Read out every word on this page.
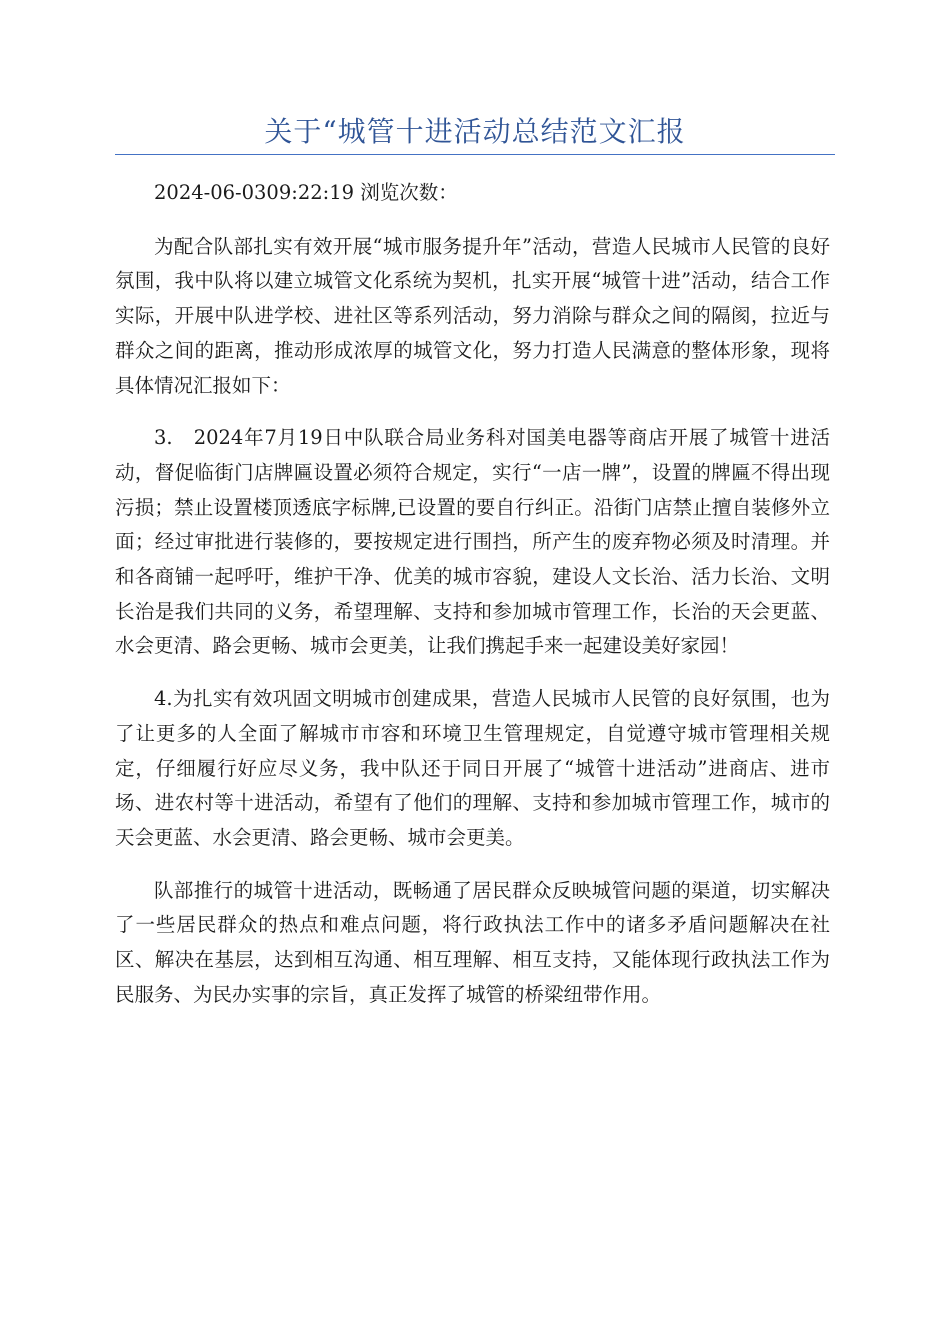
关于“城管十进活动总结范文汇报

2024-06-0309:22:19 浏览次数：

为配合队部扎实有效开展“城市服务提升年”活动，营造人民城市人民管的良好氛围，我中队将以建立城管文化系统为契机，扎实开展“城管十进”活动，结合工作实际，开展中队进学校、进社区等系列活动，努力消除与群众之间的隔阂，拉近与群众之间的距离，推动形成浓厚的城管文化，努力打造人民满意的整体形象，现将具体情况汇报如下：

3.　2024年7月19日中队联合局业务科对国美电器等商店开展了城管十进活动，督促临街门店牌匾设置必须符合规定，实行“一店一牌”，设置的牌匾不得出现污损；禁止设置楼顶透底字标牌,已设置的要自行纠正。沿街门店禁止擅自装修外立面；经过审批进行装修的，要按规定进行围挡，所产生的废弃物必须及时清理。并和各商铺一起呼吁，维护干净、优美的城市容貌，建设人文长治、活力长治、文明长治是我们共同的义务，希望理解、支持和参加城市管理工作，长治的天会更蓝、水会更清、路会更畅、城市会更美，让我们携起手来一起建设美好家园！

4.为扎实有效巩固文明城市创建成果，营造人民城市人民管的良好氛围，也为了让更多的人全面了解城市市容和环境卫生管理规定，自觉遵守城市管理相关规定，仔细履行好应尽义务，我中队还于同日开展了“城管十进活动”进商店、进市场、进农村等十进活动，希望有了他们的理解、支持和参加城市管理工作，城市的天会更蓝、水会更清、路会更畅、城市会更美。

队部推行的城管十进活动，既畅通了居民群众反映城管问题的渠道，切实解决了一些居民群众的热点和难点问题，将行政执法工作中的诸多矛盾问题解决在社区、解决在基层，达到相互沟通、相互理解、相互支持，又能体现行政执法工作为民服务、为民办实事的宗旨，真正发挥了城管的桥梁纽带作用。
